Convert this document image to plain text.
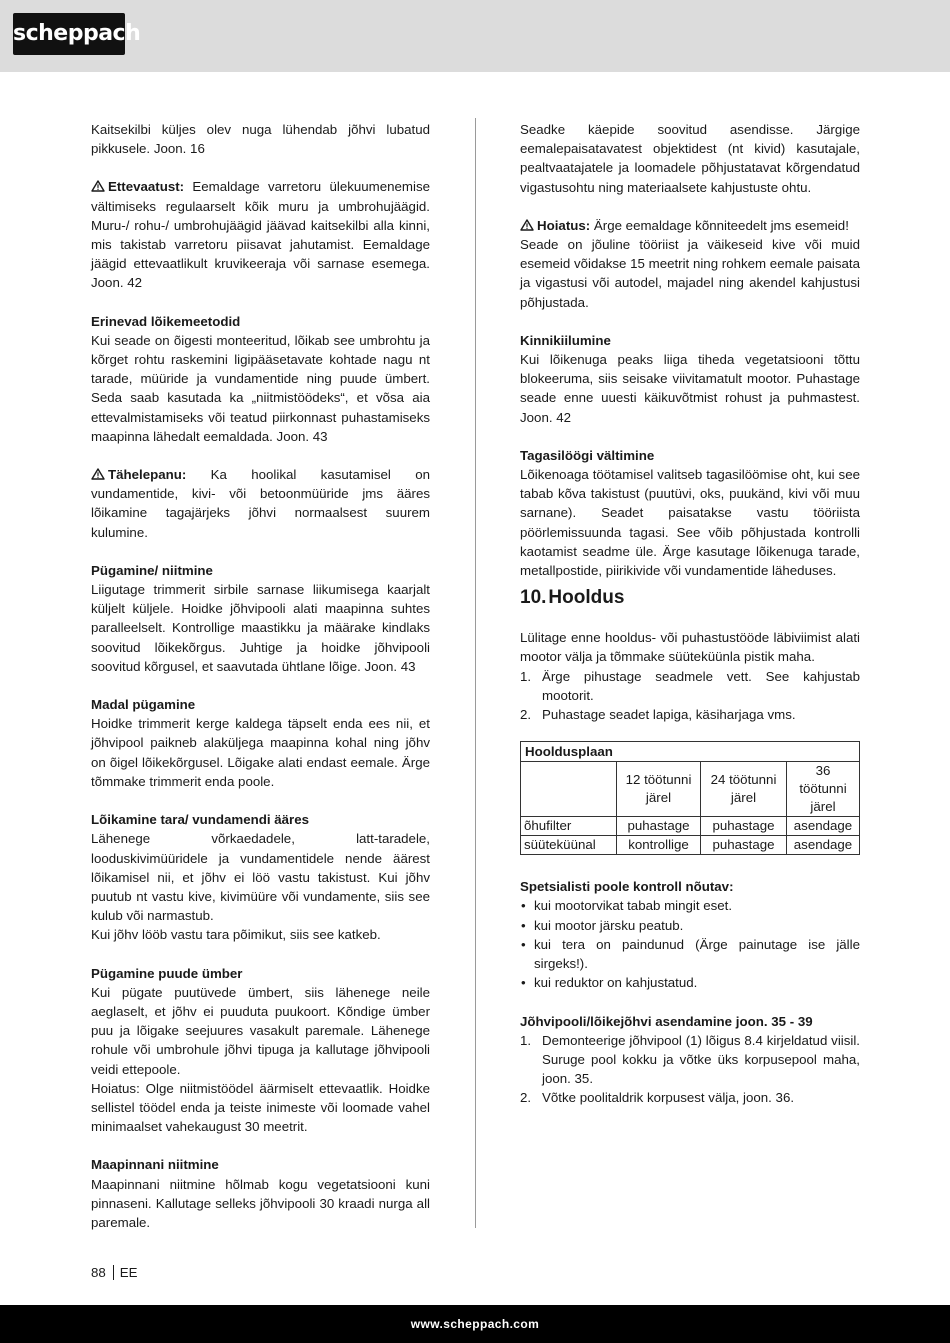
scheppach

Kaitsekilbi küljes olev nuga lühendab jõhvi lubatud pikkusele. Joon. 16

Ettevaatust: Eemaldage varretoru ülekuumenemise vältimiseks regulaarselt kõik muru ja umbrohujäägid. Muru-/ rohu-/ umbrohujäägid jäävad kaitsekilbi alla kinni, mis takistab varretoru piisavat jahutamist. Eemaldage jäägid ettevaatlikult kruvikeeraja või sarnase esemega. Joon. 42

Erinevad lõikemeetodid

Kui seade on õigesti monteeritud, lõikab see umbrohtu ja kõrget rohtu raskemini ligipääsetavate kohtade nagu nt tarade, müüride ja vundamentide ning puude ümbert. Seda saab kasutada ka „niitmistöödeks“, et võsa aia ettevalmistamiseks või teatud piirkonnast puhastamiseks maapinna lähedalt eemaldada. Joon. 43

Tähelepanu: Ka hoolikal kasutamisel on vundamentide, kivi- või betoonmüüride jms ääres lõikamine tagajärjeks jõhvi normaalsest suurem kulumine.

Pügamine/ niitmine

Liigutage trimmerit sirbile sarnase liikumisega kaarjalt küljelt küljele. Hoidke jõhvipooli alati maapinna suhtes paralleelselt. Kontrollige maastikku ja määrake kindlaks soovitud lõikekõrgus. Juhtige ja hoidke jõhvipooli soovitud kõrgusel, et saavutada ühtlane lõige. Joon. 43

Madal pügamine

Hoidke trimmerit kerge kaldega täpselt enda ees nii, et jõhvipool paikneb alaküljega maapinna kohal ning jõhv on õigel lõikekõrgusel. Lõigake alati endast eemale. Ärge tõmmake trimmerit enda poole.

Lõikamine tara/ vundamendi ääres

Lähenege võrkaedadele, latt-taradele, looduskivimüüridele ja vundamentidele nende äärest lõikamisel nii, et jõhv ei löö vastu takistust. Kui jõhv puutub nt vastu kive, kivimüüre või vundamente, siis see kulub või narmastub.

Kui jõhv lööb vastu tara põimikut, siis see katkeb.

Pügamine puude ümber

Kui pügate puutüvede ümbert, siis lähenege neile aeglaselt, et jõhv ei puuduta puukoort. Kõndige ümber puu ja lõigake seejuures vasakult paremale. Lähenege rohule või umbrohule jõhvi tipuga ja kallutage jõhvipooli veidi ettepoole.

Hoiatus: Olge niitmistöödel äärmiselt ettevaatlik. Hoidke sellistel töödel enda ja teiste inimeste või loomade vahel minimaalset vahekaugust 30 meetrit.

Maapinnani niitmine

Maapinnani niitmine hõlmab kogu vegetatsiooni kuni pinnaseni. Kallutage selleks jõhvipooli 30 kraadi nurga all paremale.

Seadke käepide soovitud asendisse. Järgige eemalepaisatavatest objektidest (nt kivid) kasutajale, pealtvaatajatele ja loomadele põhjustatavat kõrgendatud vigastusohtu ning materiaalsete kahjustuste ohtu.

Hoiatus: Ärge eemaldage kõnniteedelt jms esemeid!

Seade on jõuline tööriist ja väikeseid kive või muid esemeid võidakse 15 meetrit ning rohkem eemale paisata ja vigastusi või autodel, majadel ning akendel kahjustusi põhjustada.

Kinnikiilumine

Kui lõikenuga peaks liiga tiheda vegetatsiooni tõttu blokeeruma, siis seisake viivitamatult mootor. Puhastage seade enne uuesti käikuvõtmist rohust ja puhmastest. Joon. 42

Tagasilöögi vältimine

Lõikenoaga töötamisel valitseb tagasilöömise oht, kui see tabab kõva takistust (puutüvi, oks, puukänd, kivi või muu sarnane). Seadet paisatakse vastu tööriista pöörlemissuunda tagasi. See võib põhjustada kontrolli kaotamist seadme üle. Ärge kasutage lõikenuga tarade, metallpostide, piirikivide või vundamentide läheduses.

10. Hooldus

Lülitage enne hooldus- või puhastustööde läbiviimist alati mootor välja ja tõmmake süüteküünla pistik maha.

1. Ärge pihustage seadmele vett. See kahjustab mootorit.
2. Puhastage seadet lapiga, käsiharjaga vms.
Hooldusplaan			
	12 töötunni järel	24 töötunni järel	36 töötunni järel
õhufilter	puhastage	puhastage	asendage
süüteküünal	kontrollige	puhastage	asendage

Spetsialisti poole kontroll nõutav:

• kui mootorvikat tabab mingit eset.
• kui mootor järsku peatub.
• kui tera on paindunud (Ärge painutage ise jälle sirgeks!).
• kui reduktor on kahjustatud.

Jõhvipooli/lõikejõhvi asendamine joon. 35 - 39

1. Demonteerige jõhvipool (1) lõigus 8.4 kirjeldatud viisil. Suruge pool kokku ja võtke üks korpusepool maha, joon. 35.
2. Võtke poolitaldrik korpusest välja, joon. 36.
88 EE
www.scheppach.com
